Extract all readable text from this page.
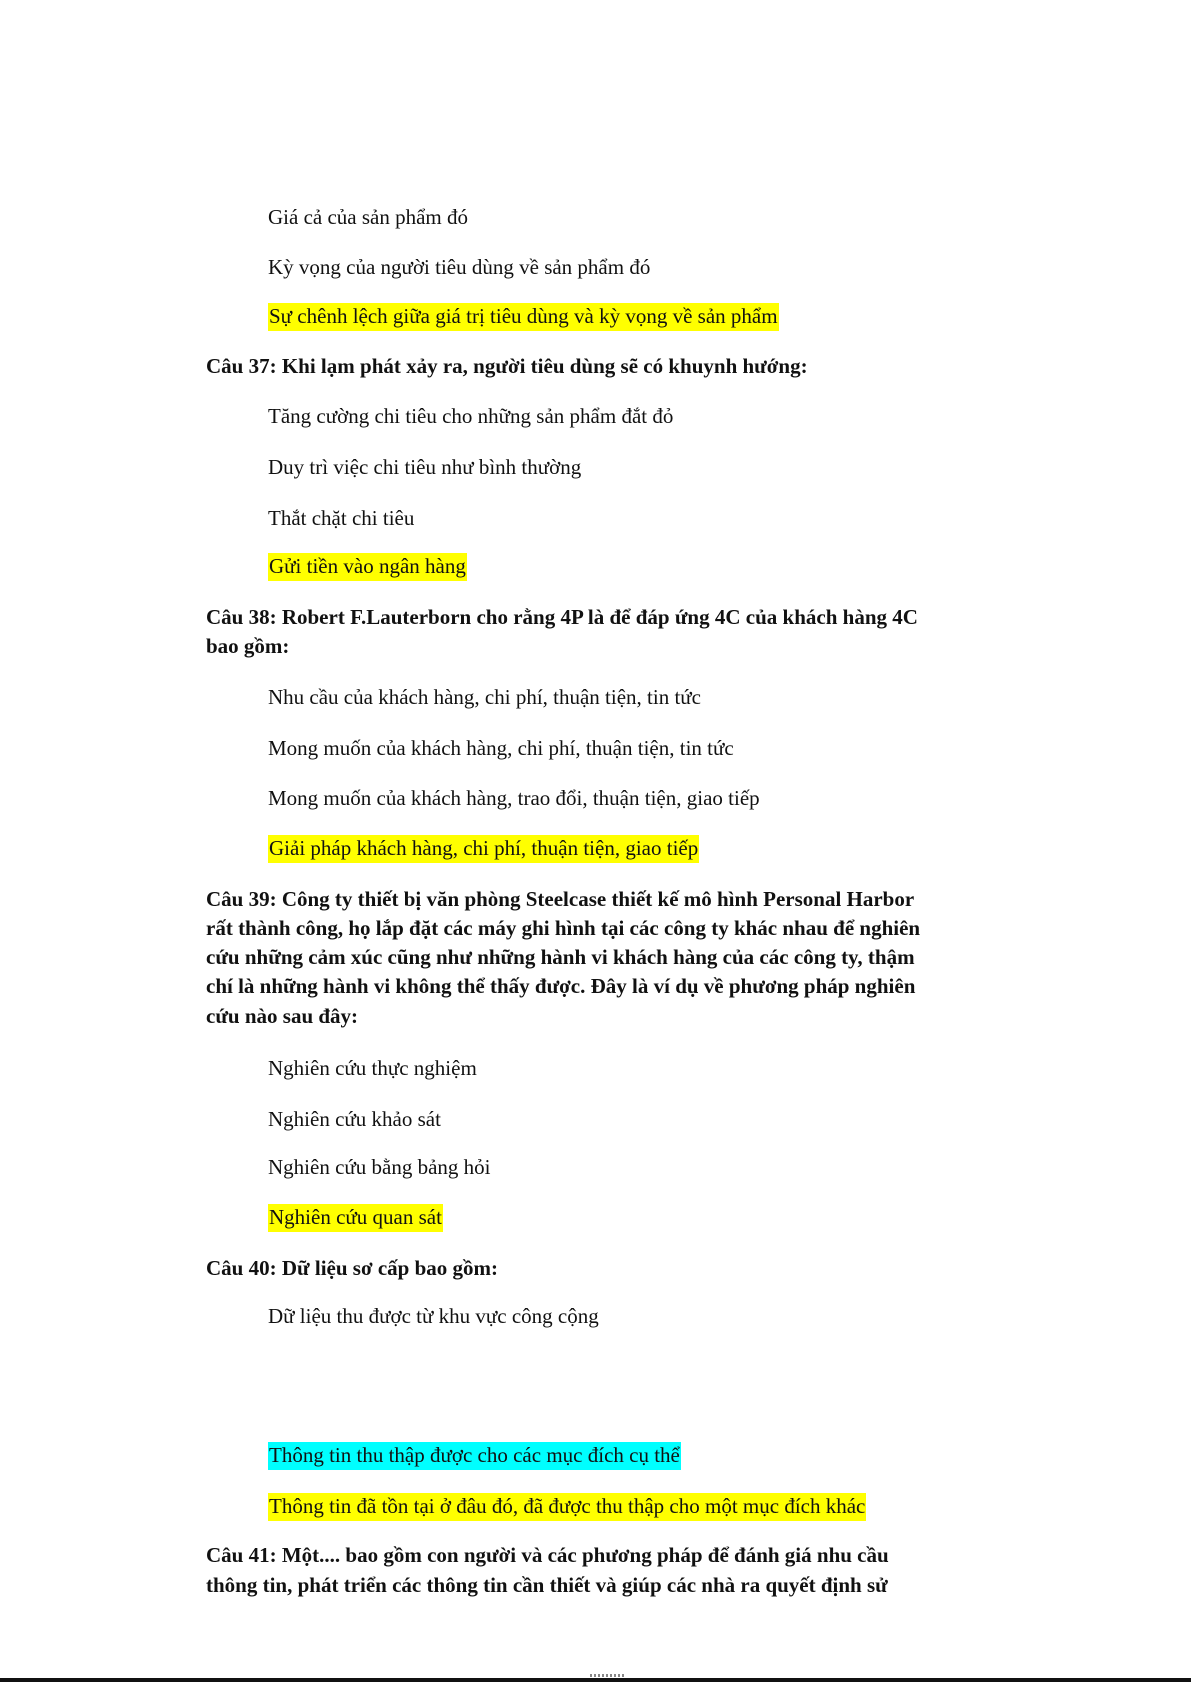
Giá cả của sản phẩm đó
Kỳ vọng của người tiêu dùng về sản phẩm đó
Sự chênh lệch giữa giá trị tiêu dùng và kỳ vọng về sản phẩm
Câu 37: Khi lạm phát xảy ra, người tiêu dùng sẽ có khuynh hướng:
Tăng cường chi tiêu cho những sản phẩm đắt đỏ
Duy trì việc chi tiêu như bình thường
Thắt chặt chi tiêu
Gửi tiền vào ngân hàng
Câu 38: Robert F.Lauterborn cho rằng 4P là để đáp ứng 4C của khách hàng 4C
bao gồm:
Nhu cầu của khách hàng, chi phí, thuận tiện, tin tức
Mong muốn của khách hàng, chi phí, thuận tiện, tin tức
Mong muốn của khách hàng, trao đổi, thuận tiện, giao tiếp
Giải pháp khách hàng, chi phí, thuận tiện, giao tiếp
Câu 39: Công ty thiết bị văn phòng Steelcase thiết kế mô hình Personal Harbor
rất thành công, họ lắp đặt các máy ghi hình tại các công ty khác nhau để nghiên
cứu những cảm xúc cũng như những hành vi khách hàng của các công ty, thậm
chí là những hành vi không thể thấy được. Đây là ví dụ về phương pháp nghiên
cứu nào sau đây:
Nghiên cứu thực nghiệm
Nghiên cứu khảo sát
Nghiên cứu bằng bảng hỏi
Nghiên cứu quan sát
Câu 40: Dữ liệu sơ cấp bao gồm:
Dữ liệu thu được từ khu vực công cộng
Thông tin thu thập được cho các mục đích cụ thể
Thông tin đã tồn tại ở đâu đó, đã được thu thập cho một mục đích khác
Câu 41: Một.... bao gồm con người và các phương pháp để đánh giá nhu cầu
thông tin, phát triển các thông tin cần thiết và giúp các nhà ra quyết định sử
